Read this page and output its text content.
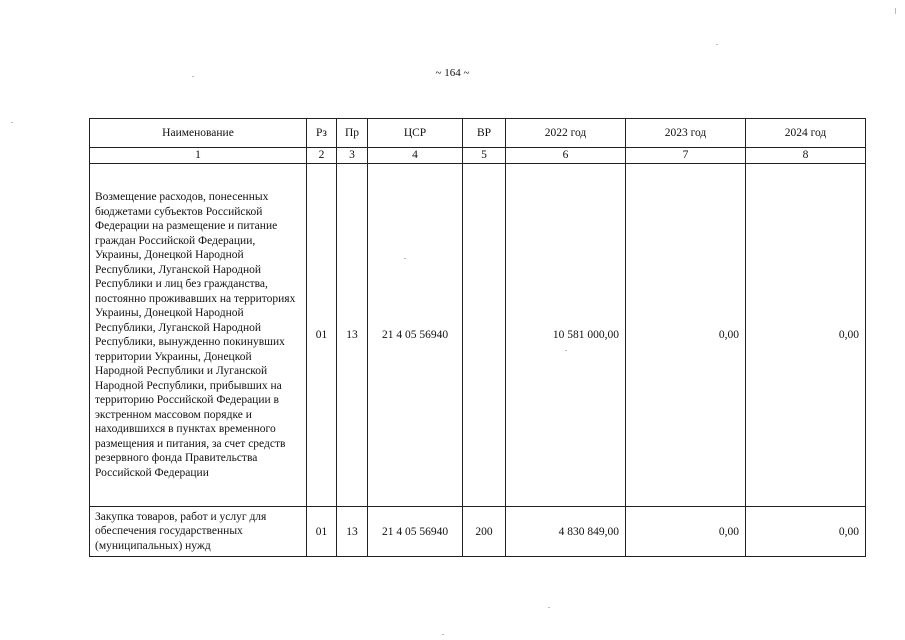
~ 164 ~
Наименование	Рз	Пр	ЦСР	ВР	2022 год	2023 год	2024 год
1	2	3	4	5	6	7	8
Возмещение расходов, понесенных бюджетами субъектов Российской Федерации на размещение и питание граждан Российской Федерации, Украины, Донецкой Народной Республики, Луганской Народной Республики и лиц без гражданства, постоянно проживавших на территориях Украины, Донецкой Народной Республики, Луганской Народной Республики, вынужденно покинувших территории Украины, Донецкой Народной Республики и Луганской Народной Республики, прибывших на территорию Российской Федерации в экстренном массовом порядке и находившихся в пунктах временного размещения и питания, за счет средств резервного фонда Правительства Российской Федерации	01	13	21 4 05 56940		10 581 000,00	0,00	0,00
Закупка товаров, работ и услуг для обеспечения государственных (муниципальных) нужд	01	13	21 4 05 56940	200	4 830 849,00	0,00	0,00
